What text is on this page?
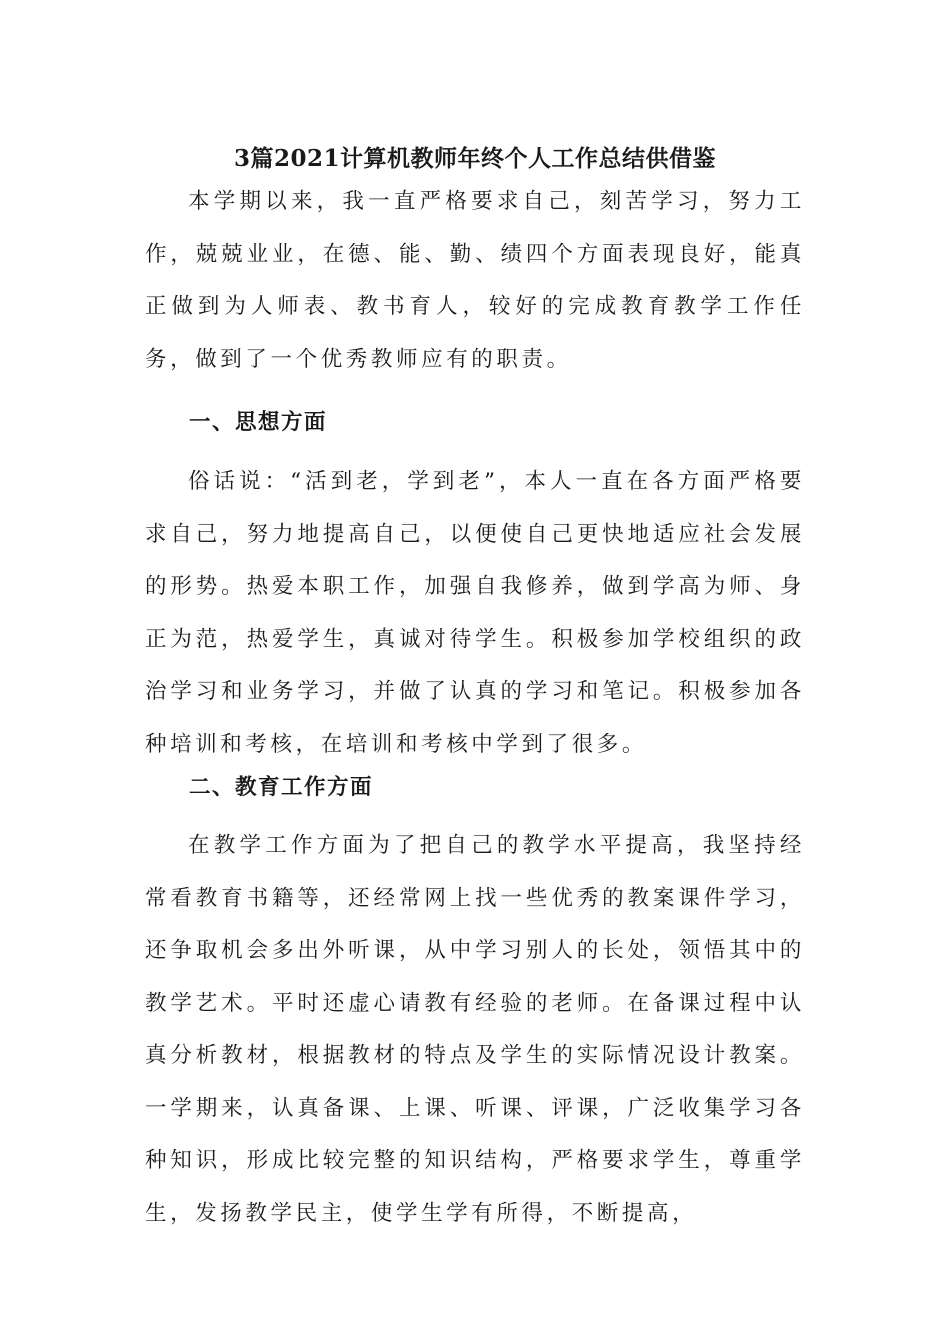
3篇2021计算机教师年终个人工作总结供借鉴

本学期以来，我一直严格要求自己，刻苦学习，努力工作，兢兢业业，在德、能、勤、绩四个方面表现良好，能真正做到为人师表、教书育人，较好的完成教育教学工作任务，做到了一个优秀教师应有的职责。

一、思想方面

俗话说：“活到老，学到老”，本人一直在各方面严格要求自己，努力地提高自己，以便使自己更快地适应社会发展的形势。热爱本职工作，加强自我修养，做到学高为师、身正为范，热爱学生，真诚对待学生。积极参加学校组织的政治学习和业务学习，并做了认真的学习和笔记。积极参加各种培训和考核，在培训和考核中学到了很多。

二、教育工作方面

在教学工作方面为了把自己的教学水平提高，我坚持经常看教育书籍等，还经常网上找一些优秀的教案课件学习，还争取机会多出外听课，从中学习别人的长处，领悟其中的教学艺术。平时还虚心请教有经验的老师。在备课过程中认真分析教材，根据教材的特点及学生的实际情况设计教案。一学期来，认真备课、上课、听课、评课，广泛收集学习各种知识，形成比较完整的知识结构，严格要求学生，尊重学生，发扬教学民主，使学生学有所得，不断提高，
